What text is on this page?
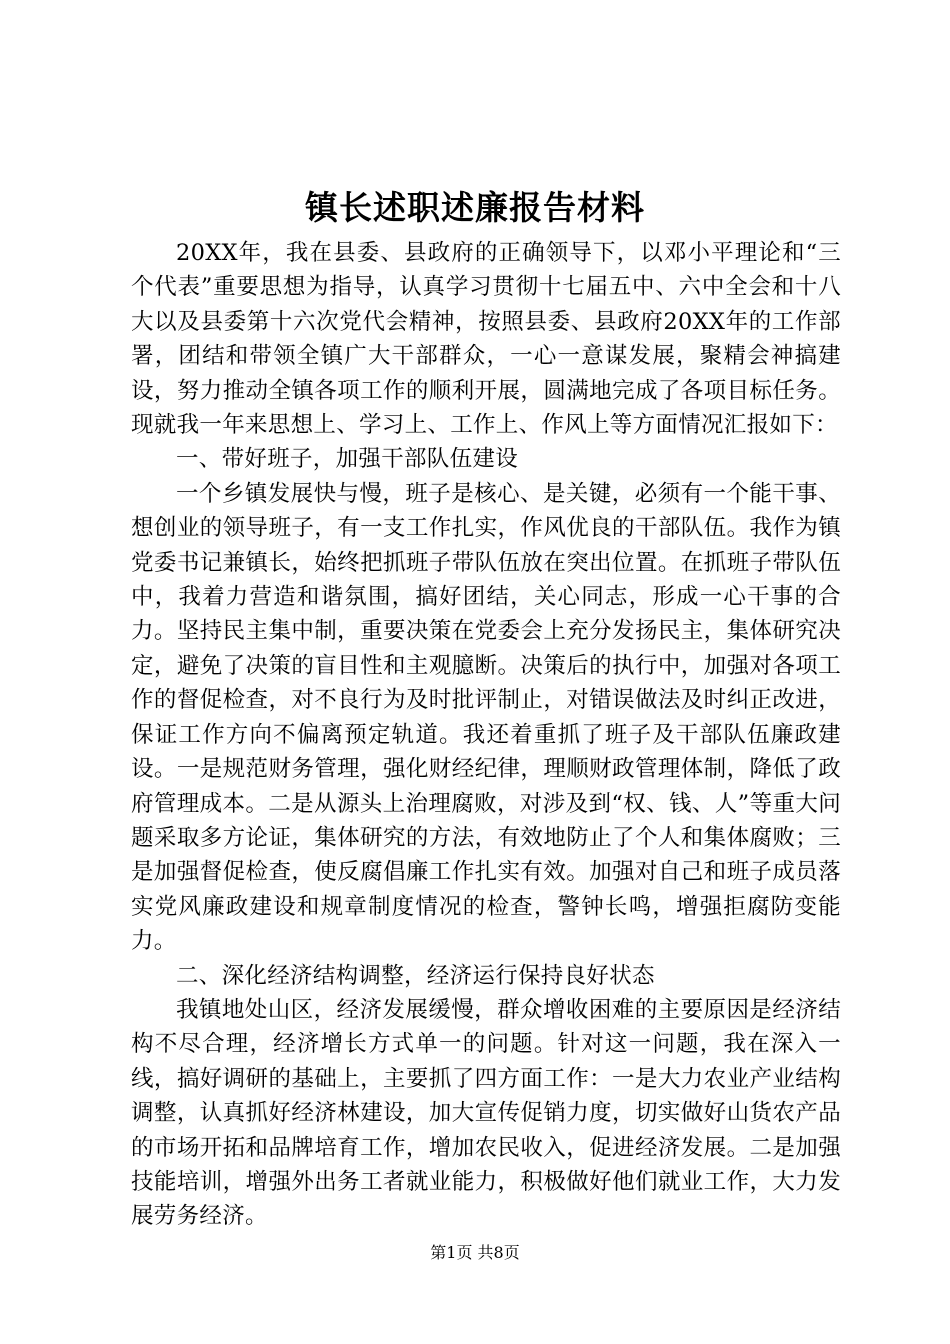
镇长述职述廉报告材料

20XX年，我在县委、县政府的正确领导下，以邓小平理论和“三个代表”重要思想为指导，认真学习贯彻十七届五中、六中全会和十八大以及县委第十六次党代会精神，按照县委、县政府20XX年的工作部署，团结和带领全镇广大干部群众，一心一意谋发展，聚精会神搞建设，努力推动全镇各项工作的顺利开展，圆满地完成了各项目标任务。现就我一年来思想上、学习上、工作上、作风上等方面情况汇报如下：

一、带好班子，加强干部队伍建设

一个乡镇发展快与慢，班子是核心、是关键，必须有一个能干事、想创业的领导班子，有一支工作扎实，作风优良的干部队伍。我作为镇党委书记兼镇长，始终把抓班子带队伍放在突出位置。在抓班子带队伍中，我着力营造和谐氛围，搞好团结，关心同志，形成一心干事的合力。坚持民主集中制，重要决策在党委会上充分发扬民主，集体研究决定，避免了决策的盲目性和主观臆断。决策后的执行中，加强对各项工作的督促检查，对不良行为及时批评制止，对错误做法及时纠正改进，保证工作方向不偏离预定轨道。我还着重抓了班子及干部队伍廉政建设。一是规范财务管理，强化财经纪律，理顺财政管理体制，降低了政府管理成本。二是从源头上治理腐败，对涉及到“权、钱、人”等重大问题采取多方论证，集体研究的方法，有效地防止了个人和集体腐败；三是加强督促检查，使反腐倡廉工作扎实有效。加强对自己和班子成员落实党风廉政建设和规章制度情况的检查，警钟长鸣，增强拒腐防变能力。

二、深化经济结构调整，经济运行保持良好状态

我镇地处山区，经济发展缓慢，群众增收困难的主要原因是经济结构不尽合理，经济增长方式单一的问题。针对这一问题，我在深入一线，搞好调研的基础上，主要抓了四方面工作：一是大力农业产业结构调整，认真抓好经济林建设，加大宣传促销力度，切实做好山货农产品的市场开拓和品牌培育工作，增加农民收入，促进经济发展。二是加强技能培训，增强外出务工者就业能力，积极做好他们就业工作，大力发展劳务经济。

第1页 共8页
